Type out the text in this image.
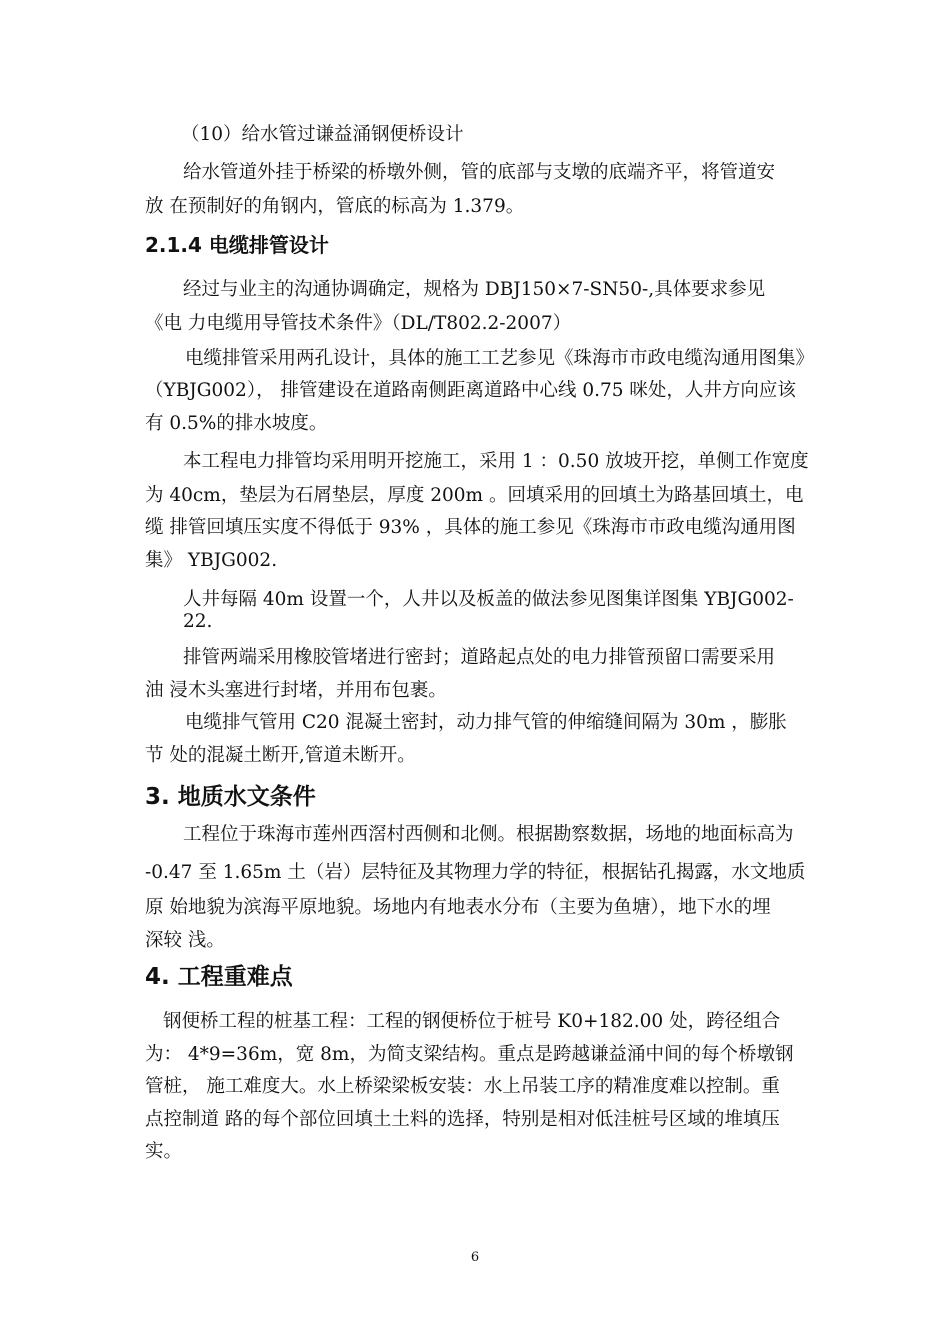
（10）给水管过谦益涌钢便桥设计
给水管道外挂于桥梁的桥墩外侧，管的底部与支墩的底端齐平，将管道安
放 在预制好的角钢内，管底的标高为 1.379。
2.1.4 电缆排管设计
经过与业主的沟通协调确定，规格为 DBJ150×7-SN50-,具体要求参见
《电 力电缆用导管技术条件》（DL/T802.2-2007）
电缆排管采用两孔设计，具体的施工工艺参见《珠海市市政电缆沟通用图集》
（YBJG002）， 排管建设在道路南侧距离道路中心线 0.75 咪处，人井方向应该
有 0.5%的排水坡度。
本工程电力排管均采用明开挖施工，采用 1 ：0.50 放坡开挖，单侧工作宽度
为 40cm，垫层为石屑垫层，厚度 200m 。回填采用的回填土为路基回填土，电
缆 排管回填压实度不得低于 93% ，具体的施工参见《珠海市市政电缆沟通用图
集》 YBJG002.
人井每隔 40m 设置一个，人井以及板盖的做法参见图集详图集 YBJG002-
22.
排管两端采用橡胶管堵进行密封；道路起点处的电力排管预留口需要采用
油 浸木头塞进行封堵，并用布包裹。
电缆排气管用 C20 混凝土密封，动力排气管的伸缩缝间隔为 30m ，膨胀
节 处的混凝土断开,管道未断开。
3. 地质水文条件
工程位于珠海市莲州西滘村西侧和北侧。根据勘察数据，场地的地面标高为
-0.47 至 1.65m 土（岩）层特征及其物理力学的特征，根据钻孔揭露，水文地质
原 始地貌为滨海平原地貌。场地内有地表水分布（主要为鱼塘），地下水的埋
深较 浅。
4. 工程重难点
钢便桥工程的桩基工程：工程的钢便桥位于桩号 K0+182.00 处，跨径组合
为： 4*9=36m，宽 8m，为简支梁结构。重点是跨越谦益涌中间的每个桥墩钢
管桩， 施工难度大。水上桥梁梁板安装：水上吊装工序的精准度难以控制。重
点控制道 路的每个部位回填土土料的选择，特别是相对低洼桩号区域的堆填压
实。
6
